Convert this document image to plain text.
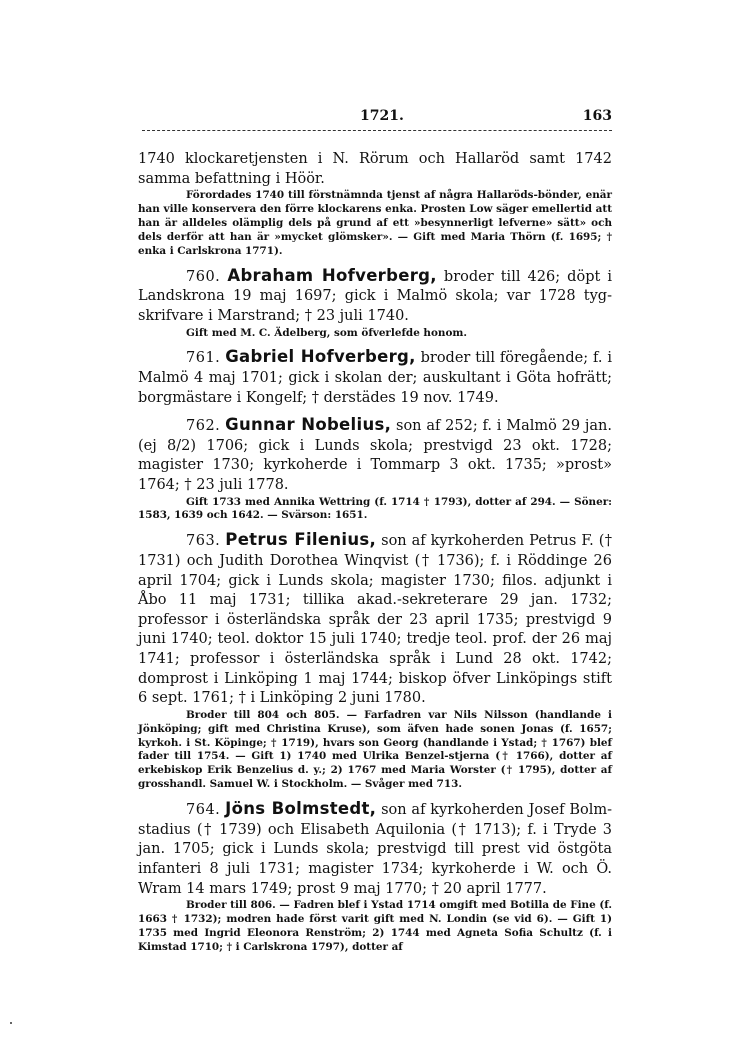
1721.	163

1740 klockaretjensten i N. Rörum och Hallaröd samt 1742 samma befattning i Höör.

Förordades 1740 till förstnämnda tjenst af några Hallaröds-bönder, enär han ville konservera den förre klockarens enka. Prosten Low säger emellertid att han är alldeles olämplig dels på grund af ett »besynnerligt lefverne» sätt» och dels derför att han är »mycket glömsker». — Gift med Maria Thörn (f. 1695; † enka i Carlskrona 1771).

760. Abraham Hofverberg, broder till 426; döpt i Landskrona 19 maj 1697; gick i Malmö skola; var 1728 tyg-skrifvare i Marstrand; † 23 juli 1740.

Gift med M. C. Ädelberg, som öfverlefde honom.

761. Gabriel Hofverberg, broder till föregående; f. i Malmö 4 maj 1701; gick i skolan der; auskultant i Göta hofrätt; borgmästare i Kongelf; † derstädes 19 nov. 1749.

762. Gunnar Nobelius, son af 252; f. i Malmö 29 jan. (ej 8/2) 1706; gick i Lunds skola; prestvigd 23 okt. 1728; magister 1730; kyrkoherde i Tommarp 3 okt. 1735; »prost» 1764; † 23 juli 1778.

Gift 1733 med Annika Wettring (f. 1714 † 1793), dotter af 294. — Söner: 1583, 1639 och 1642. — Svärson: 1651.

763. Petrus Filenius, son af kyrkoherden Petrus F. († 1731) och Judith Dorothea Winqvist († 1736); f. i Röddinge 26 april 1704; gick i Lunds skola; magister 1730; filos. adjunkt i Åbo 11 maj 1731; tillika akad.-sekreterare 29 jan. 1732; professor i österländska språk der 23 april 1735; prestvigd 9 juni 1740; teol. doktor 15 juli 1740; tredje teol. prof. der 26 maj 1741; professor i österländska språk i Lund 28 okt. 1742; domprost i Linköping 1 maj 1744; biskop öfver Linköpings stift 6 sept. 1761; † i Linköping 2 juni 1780.

Broder till 804 och 805. — Farfadren var Nils Nilsson (handlande i Jönköping; gift med Christina Kruse), som äfven hade sonen Jonas (f. 1657; kyrkoh. i St. Köpinge; † 1719), hvars son Georg (handlande i Ystad; † 1767) blef fader till 1754. — Gift 1) 1740 med Ulrika Benzel-stjerna († 1766), dotter af erkebiskop Erik Benzelius d. y.; 2) 1767 med Maria Worster († 1795), dotter af grosshandl. Samuel W. i Stockholm. — Svåger med 713.

764. Jöns Bolmstedt, son af kyrkoherden Josef Bolm-stadius († 1739) och Elisabeth Aquilonia († 1713); f. i Tryde 3 jan. 1705; gick i Lunds skola; prestvigd till prest vid östgöta infanteri 8 juli 1731; magister 1734; kyrkoherde i W. och Ö. Wram 14 mars 1749; prost 9 maj 1770; † 20 april 1777.

Broder till 806. — Fadren blef i Ystad 1714 omgift med Botilla de Fine (f. 1663 † 1732); modren hade först varit gift med N. Londin (se vid 6). — Gift 1) 1735 med Ingrid Eleonora Renström; 2) 1744 med Agneta Sofia Schultz (f. i Kimstad 1710; † i Carlskrona 1797), dotter af
